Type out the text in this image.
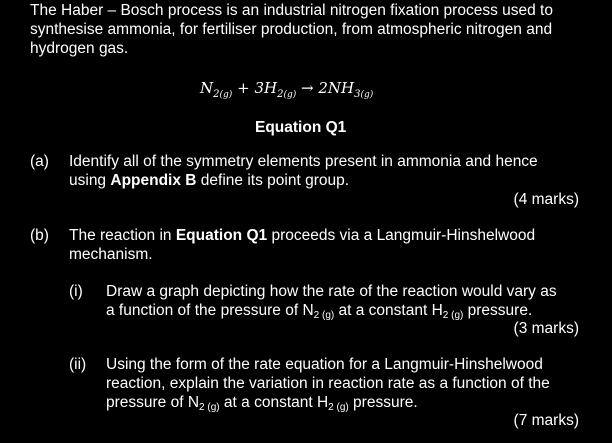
The Haber – Bosch process is an industrial nitrogen fixation process used to
synthesise ammonia, for fertiliser production, from atmospheric nitrogen and
hydrogen gas.
$N_{2(g)} + 3H_{2(g)} \to 2NH_{3(g)}$
Equation Q1
(a) Identify all of the symmetry elements present in ammonia and hence
using Appendix B define its point group.
(4 marks)
(b) The reaction in Equation Q1 proceeds via a Langmuir-Hinshelwood
mechanism.
(i) Draw a graph depicting how the rate of the reaction would vary as
a function of the pressure of $N_{2 (g)}$ at a constant $H_{2 (g)}$ pressure.
(3 marks)
(ii) Using the form of the rate equation for a Langmuir-Hinshelwood
reaction, explain the variation in reaction rate as a function of the
pressure of $N_{2 (g)}$ at a constant $H_{2 (g)}$ pressure.
(7 marks)
